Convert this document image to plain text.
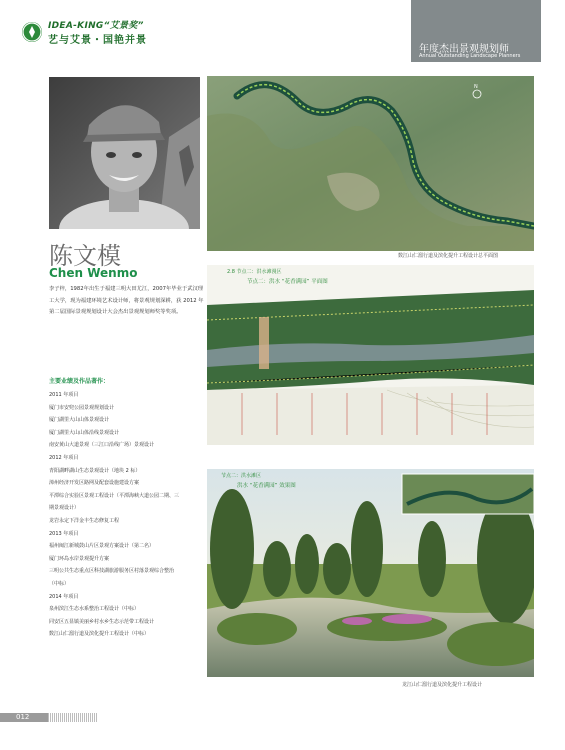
IDEA-KING“艾景奖”
艺与艾景・国艳并景
年度杰出景观规划师
Annual Outstanding Landscape Planners
陈文模
Chen Wenmo

李子梓，1982年出生于福建三明大田尤江，2007年毕业于武汉理

工大学，现为福建环境艺术设计师，将景观规划深耕，获 2012 年

第二届国际景观规划设计大会杰出景观规划师奖等奖项。

主要业绩及作品著作：
2011 年项目
厦门市安兜公园景观规划设计
厦门湖里大山山体景观设计
厦门湖里大山山体沿线景观设计
南安黄山大道景观（三江口沿线广场）景观设计
2012 年项目
青阳湖畔湖山生态景观设计（地块 2 标）
漳州经济开发区路网及配套设施建设方案
平潭综合实验区景观工程设计（平潭海峡大道公园二期、三
期景观设计）
龙岩永定下洋金丰生态修复工程
2013 年项目
福州闽江新城鼓山片区景观方案设计（第二名）
厦门环岛水岸景观提升方案
三明公共生态重点区科技湖旅游服务区村落景观综合整治
（中标）
2014 年项目
泉州滨江生态水系整治工程设计（中标）
同安区五显镇美丽乡村水乡生态示范带工程设计
数江山仁溜行道及滨化提升工程设计（中标）
N
数江山仁溜行道及滨化提升工程设计总平面图
2.8 节点二：洪水滩漫区
节点二：洪水 “花香满园” 平面图
节点二：洪水滩区
洪水 “花香满园” 效果图
龙江山仁溜行道及滨化提升工程设计
012
